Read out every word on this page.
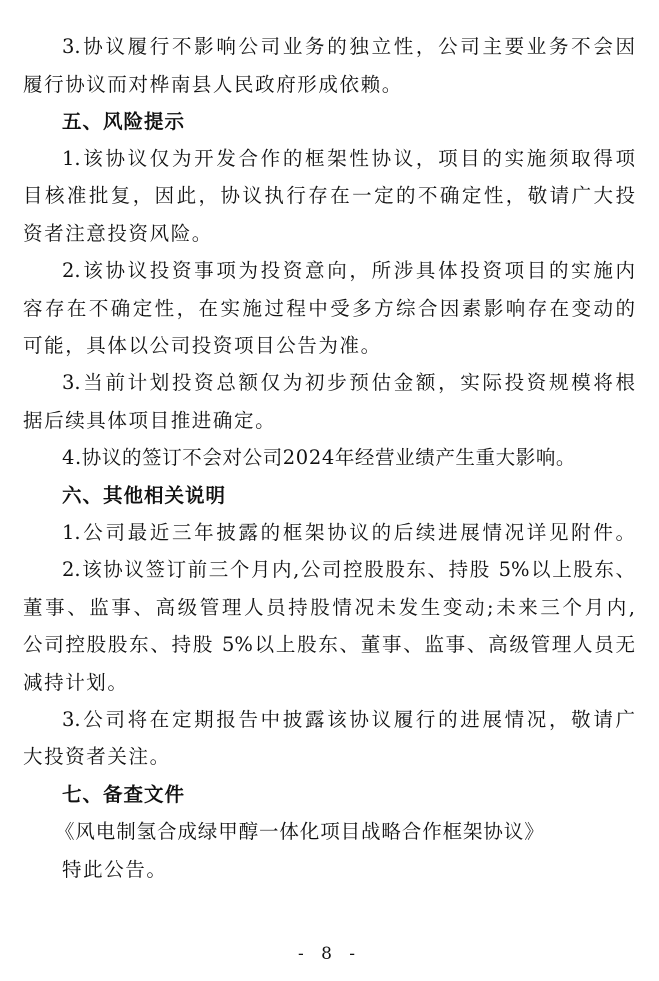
3.协议履行不影响公司业务的独立性，公司主要业务不会因
履行协议而对桦南县人民政府形成依赖。
五、风险提示
1.该协议仅为开发合作的框架性协议，项目的实施须取得项
目核准批复，因此，协议执行存在一定的不确定性，敬请广大投
资者注意投资风险。
2.该协议投资事项为投资意向，所涉具体投资项目的实施内
容存在不确定性，在实施过程中受多方综合因素影响存在变动的
可能，具体以公司投资项目公告为准。
3.当前计划投资总额仅为初步预估金额，实际投资规模将根
据后续具体项目推进确定。
4.协议的签订不会对公司2024年经营业绩产生重大影响。
六、其他相关说明
1.公司最近三年披露的框架协议的后续进展情况详见附件。
2.该协议签订前三个月内,公司控股股东、持股 5%以上股东、
董事、监事、高级管理人员持股情况未发生变动;未来三个月内,
公司控股股东、持股 5%以上股东、董事、监事、高级管理人员无
减持计划。
3.公司将在定期报告中披露该协议履行的进展情况，敬请广
大投资者关注。
七、备查文件
《风电制氢合成绿甲醇一体化项目战略合作框架协议》
特此公告。
- 8 -
